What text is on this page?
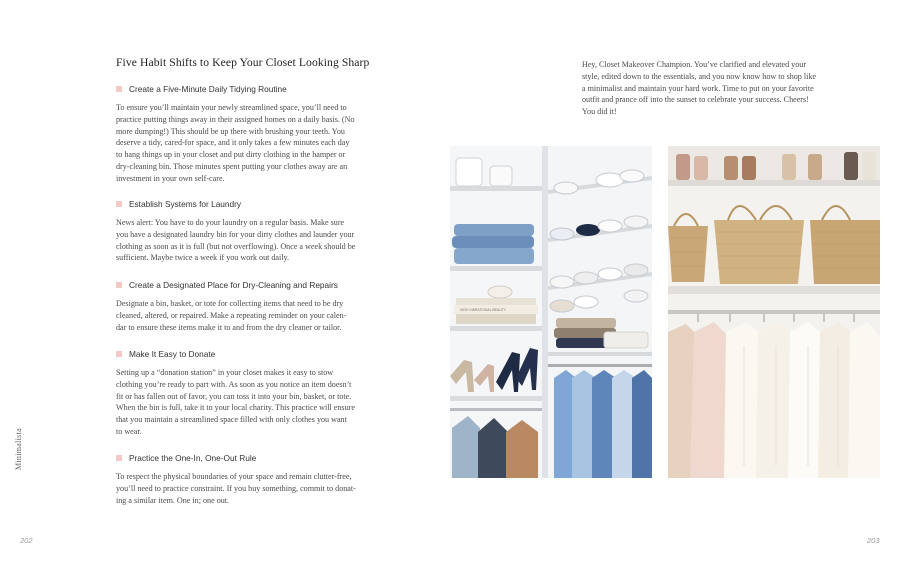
Five Habit Shifts to Keep Your Closet Looking Sharp
Create a Five-Minute Daily Tidying Routine
To ensure you’ll maintain your newly streamlined space, you’ll need to
practice putting things away in their assigned homes on a daily basis. (No
more dumping!) This should be up there with brushing your teeth. You
deserve a tidy, cared-for space, and it only takes a few minutes each day
to hang things up in your closet and put dirty clothing in the hamper or
dry-cleaning bin. Those minutes spent putting your clothes away are an
investment in your own self-care.
Establish Systems for Laundry
News alert: You have to do your laundry on a regular basis. Make sure
you have a designated laundry bin for your dirty clothes and launder your
clothing as soon as it is full (but not overflowing). Once a week should be
sufficient. Maybe twice a week if you work out daily.
Create a Designated Place for Dry-Cleaning and Repairs
Designate a bin, basket, or tote for collecting items that need to be dry
cleaned, altered, or repaired. Make a repeating reminder on your calen-
dar to ensure these items make it to and from the dry cleaner or tailor.
Make It Easy to Donate
Setting up a “donation station” in your closet makes it easy to stow
clothing you’re ready to part with. As soon as you notice an item doesn’t
fit or has fallen out of favor, you can toss it into your bin, basket, or tote.
When the bin is full, take it to your local charity. This practice will ensure
that you maintain a streamlined space filled with only clothes you want
to wear.
Practice the One-In, One-Out Rule
To respect the physical boundaries of your space and remain clutter-free,
you’ll need to practice constraint. If you buy something, commit to donat-
ing a similar item. One in; one out.
Minimalista
202	203
Hey, Closet Makeover Champion. You’ve clarified and elevated your
style, edited down to the essentials, and you now know how to shop like
a minimalist and maintain your hard work. Time to put on your favorite
outfit and prance off into the sunset to celebrate your success. Cheers!
You did it!
HIGH VIBRATIONAL BEAUTY
